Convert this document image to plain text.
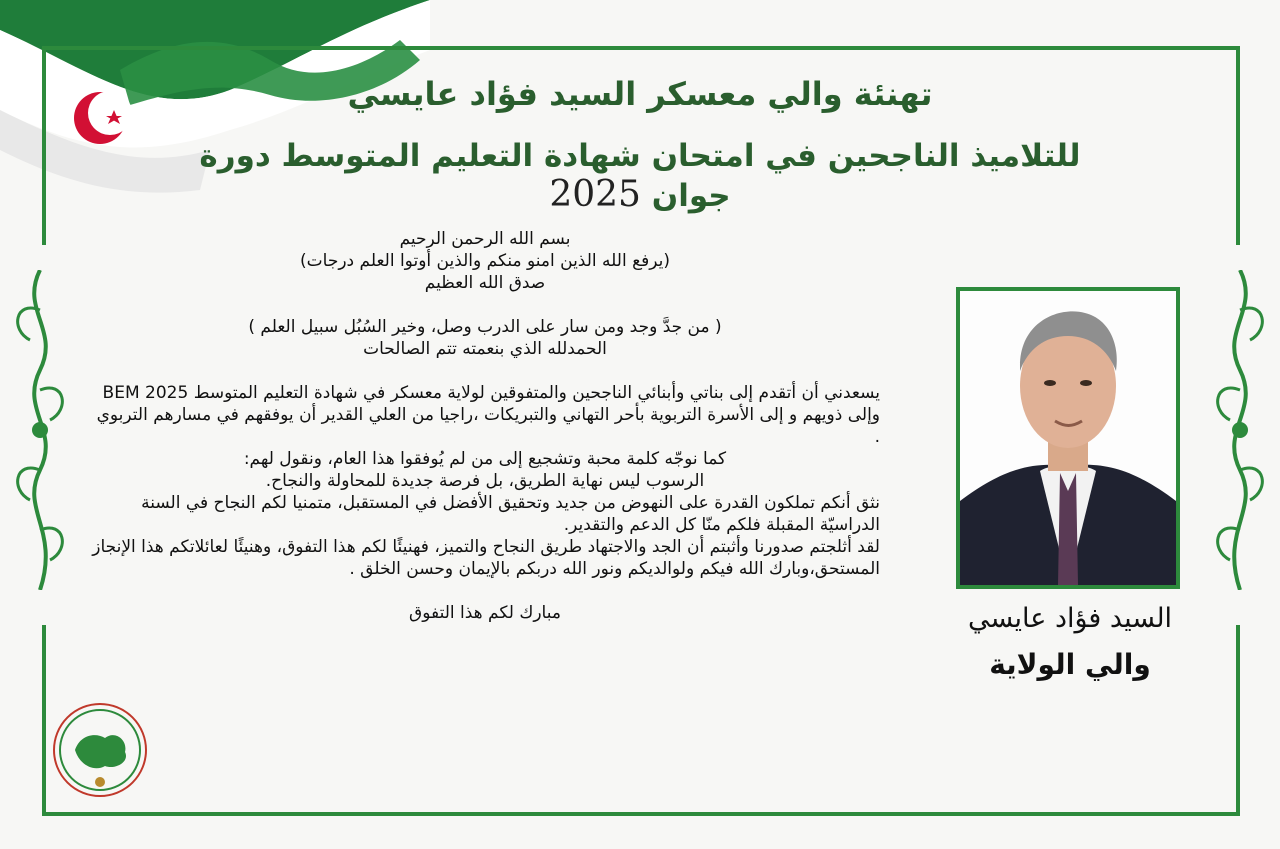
تهنئة والي معسكر السيد فؤاد عايسي
للتلاميذ الناجحين في امتحان شهادة التعليم المتوسط دورة جوان 2025

بسم الله الرحمن الرحيم

(يرفع الله الذين امنو منكم والذين أوتوا العلم درجات)

صدق الله العظيم

( من جدَّ وجد ومن سار على الدرب وصل، وخير السُبُل سبيل العلم )

الحمدلله الذي بنعمته تتم الصالحات

يسعدني أن أتقدم إلى بناتي وأبنائي الناجحين والمتفوقين لولاية معسكر في شهادة التعليم المتوسط BEM 2025 وإلى ذويهم و إلى الأسرة التربوية بأحر التهاني والتبريكات ،راجيا من العلي القدير أن يوفقهم في مسارهم التربوي .

كما نوجّه كلمة محبة وتشجيع إلى من لم يُوفقوا هذا العام، ونقول لهم:

الرسوب ليس نهاية الطريق، بل فرصة جديدة للمحاولة والنجاح.

نثق أنكم تملكون القدرة على النهوض من جديد وتحقيق الأفضل في المستقبل، متمنيا لكم النجاح في السنة الدراسيّة المقبلة فلكم منّا كل الدعم والتقدير.

لقد أثلجتم صدورنا وأثبتم أن الجد والاجتهاد طريق النجاح والتميز، فهنيئًا لكم هذا التفوق، وهنيئًا لعائلاتكم هذا الإنجاز المستحق،وبارك الله فيكم ولوالديكم ونور الله دربكم بالإيمان وحسن الخلق .

مبارك لكم هذا التفوق	السيد فؤاد عايسي
والي الولاية
